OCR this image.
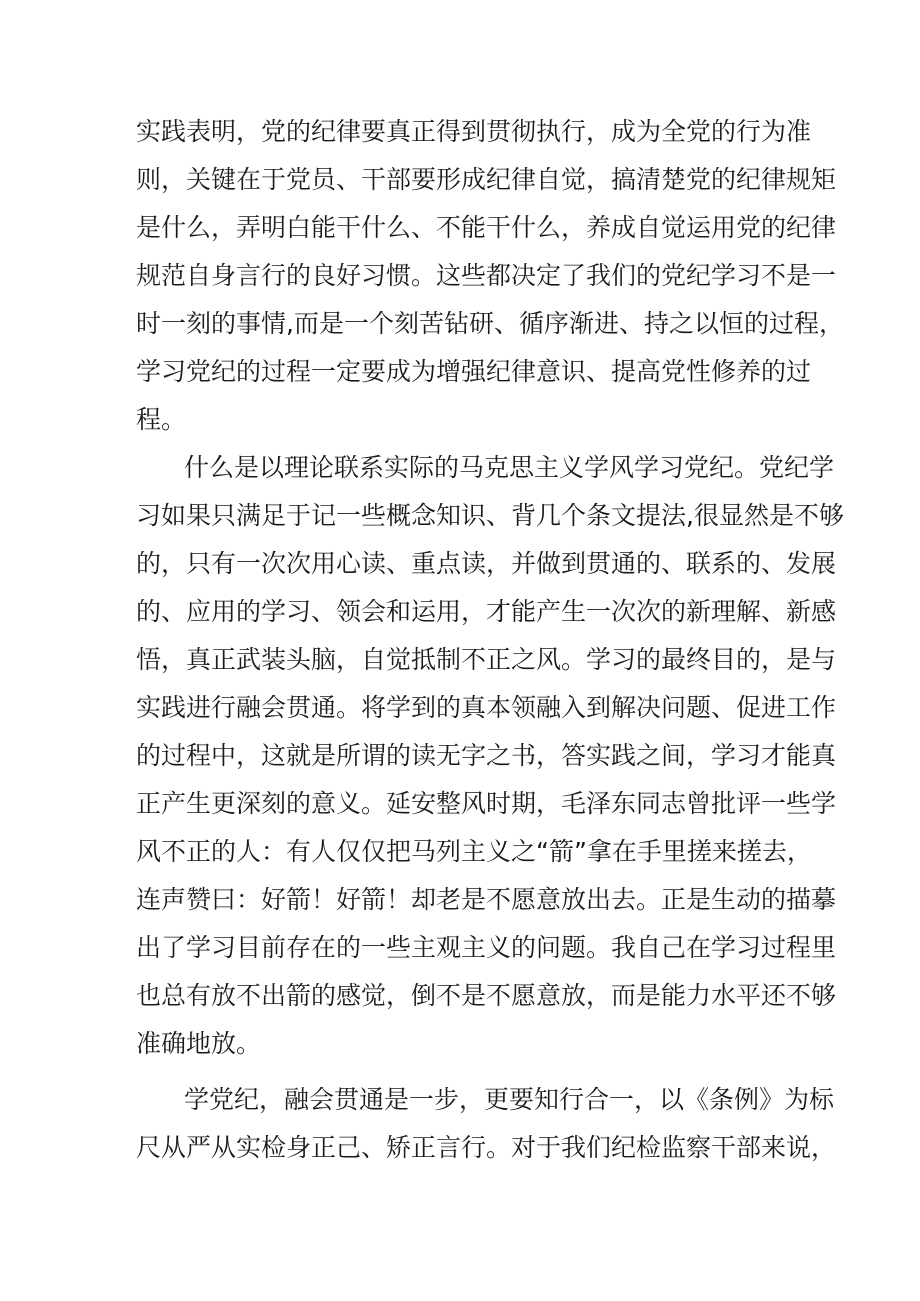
实践表明，党的纪律要真正得到贯彻执行，成为全党的行为准
则，关键在于党员、干部要形成纪律自觉，搞清楚党的纪律规矩
是什么，弄明白能干什么、不能干什么，养成自觉运用党的纪律
规范自身言行的良好习惯。这些都决定了我们的党纪学习不是一
时一刻的事情,而是一个刻苦钻研、循序渐进、持之以恒的过程，
学习党纪的过程一定要成为增强纪律意识、提高党性修养的过
程。
什么是以理论联系实际的马克思主义学风学习党纪。党纪学
习如果只满足于记一些概念知识、背几个条文提法,很显然是不够
的，只有一次次用心读、重点读，并做到贯通的、联系的、发展
的、应用的学习、领会和运用，才能产生一次次的新理解、新感
悟，真正武装头脑，自觉抵制不正之风。学习的最终目的，是与
实践进行融会贯通。将学到的真本领融入到解决问题、促进工作
的过程中，这就是所谓的读无字之书，答实践之间，学习才能真
正产生更深刻的意义。延安整风时期，毛泽东同志曾批评一些学
风不正的人：有人仅仅把马列主义之“箭”拿在手里搓来搓去，
连声赞曰：好箭！好箭！却老是不愿意放出去。正是生动的描摹
出了学习目前存在的一些主观主义的问题。我自己在学习过程里
也总有放不出箭的感觉，倒不是不愿意放，而是能力水平还不够
准确地放。
学党纪，融会贯通是一步，更要知行合一，以《条例》为标
尺从严从实检身正己、矫正言行。对于我们纪检监察干部来说，
